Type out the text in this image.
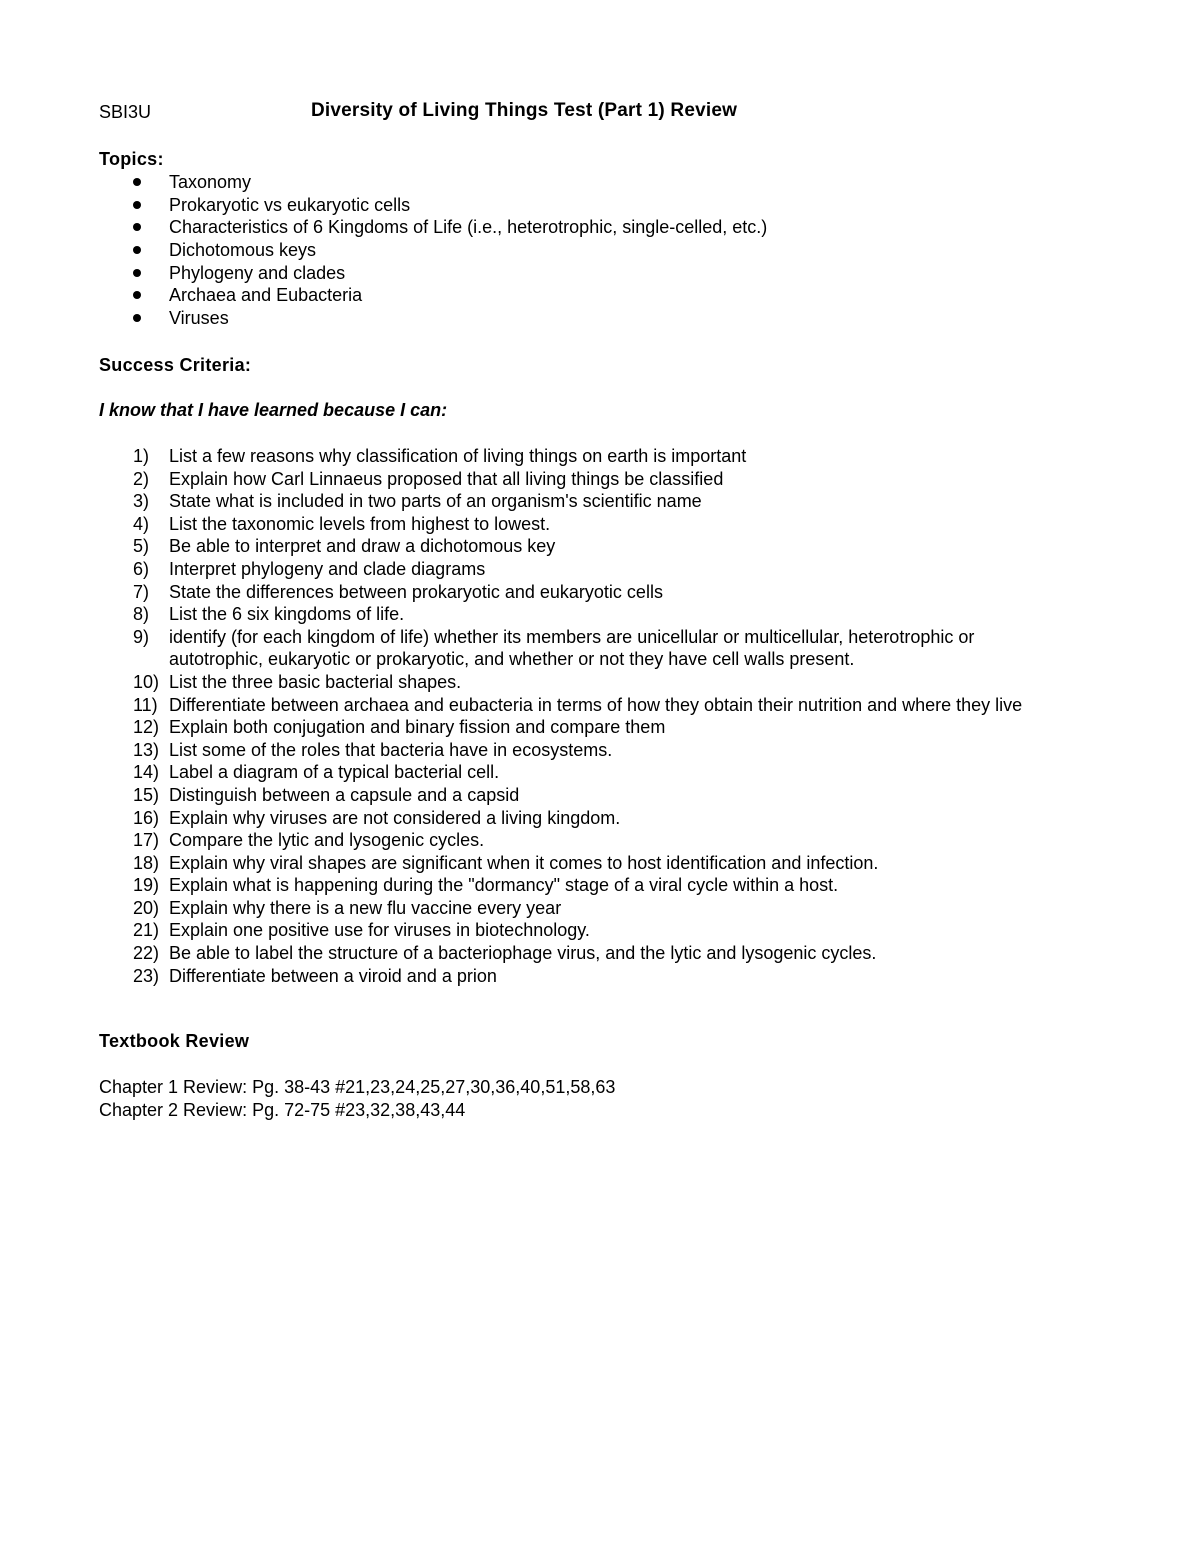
SBI3U	Diversity of Living Things Test (Part 1) Review
Topics:
Taxonomy
Prokaryotic vs eukaryotic cells
Characteristics of 6 Kingdoms of Life (i.e., heterotrophic, single-celled, etc.)
Dichotomous keys
Phylogeny and clades
Archaea and Eubacteria
Viruses
Success Criteria:
I know that I have learned because I can:
1) List a few reasons why classification of living things on earth is important
2) Explain how Carl Linnaeus proposed that all living things be classified
3) State what is included in two parts of an organism's scientific name
4) List the taxonomic levels from highest to lowest.
5) Be able to interpret and draw a dichotomous key
6) Interpret phylogeny and clade diagrams
7) State the differences between prokaryotic and eukaryotic cells
8) List the 6 six kingdoms of life.
9) identify (for each kingdom of life) whether its members are unicellular or multicellular, heterotrophic or autotrophic, eukaryotic or prokaryotic, and whether or not they have cell walls present.
10) List the three basic bacterial shapes.
11) Differentiate between archaea and eubacteria in terms of how they obtain their nutrition and where they live
12) Explain both conjugation and binary fission and compare them
13) List some of the roles that bacteria have in ecosystems.
14) Label a diagram of a typical bacterial cell.
15) Distinguish between a capsule and a capsid
16) Explain why viruses are not considered a living kingdom.
17) Compare the lytic and lysogenic cycles.
18) Explain why viral shapes are significant when it comes to host identification and infection.
19) Explain what is happening during the "dormancy" stage of a viral cycle within a host.
20) Explain why there is a new flu vaccine every year
21) Explain one positive use for viruses in biotechnology.
22) Be able to label the structure of a bacteriophage virus, and the lytic and lysogenic cycles.
23) Differentiate between a viroid and a prion
Textbook Review
Chapter 1 Review: Pg. 38-43 #21,23,24,25,27,30,36,40,51,58,63
Chapter 2 Review: Pg. 72-75 #23,32,38,43,44
